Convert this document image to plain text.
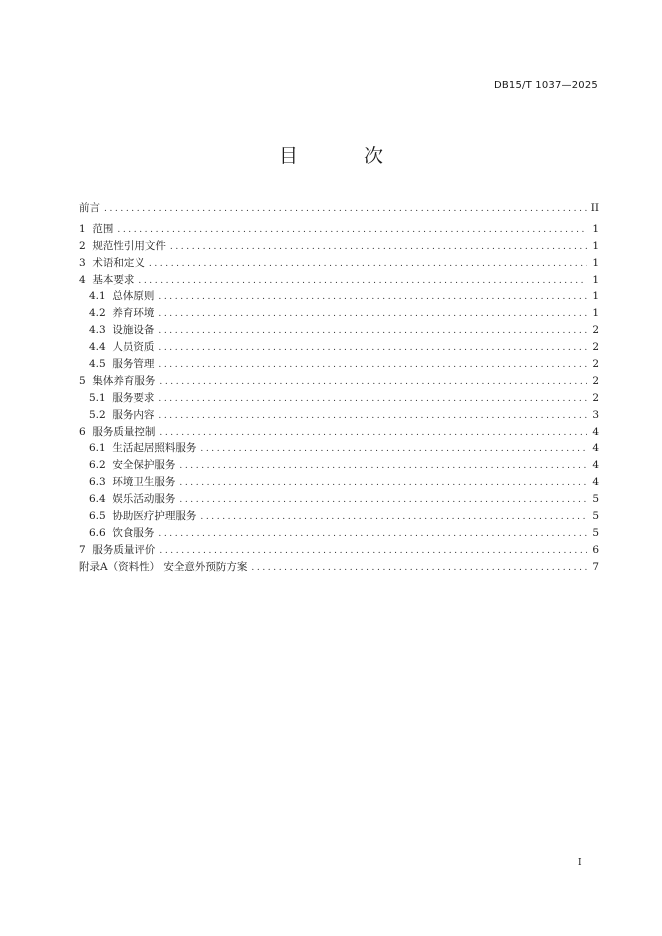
DB15/T 1037—2025
目 次
前言 .....	II
1 范围 .....	1
2 规范性引用文件 .....	1
3 术语和定义 .....	1
4 基本要求 .....	1
4.1 总体原则 .....	1
4.2 养育环境 .....	1
4.3 设施设备 .....	2
4.4 人员资质 .....	2
4.5 服务管理 .....	2
5 集体养育服务 .....	2
5.1 服务要求 .....	2
5.2 服务内容 .....	3
6 服务质量控制 .....	4
6.1 生活起居照料服务 .....	4
6.2 安全保护服务 .....	4
6.3 环境卫生服务 .....	4
6.4 娱乐活动服务 .....	5
6.5 协助医疗护理服务 .....	5
6.6 饮食服务 .....	5
7 服务质量评价 .....	6
附录A（资料性） 安全意外预防方案 .....	7
I
